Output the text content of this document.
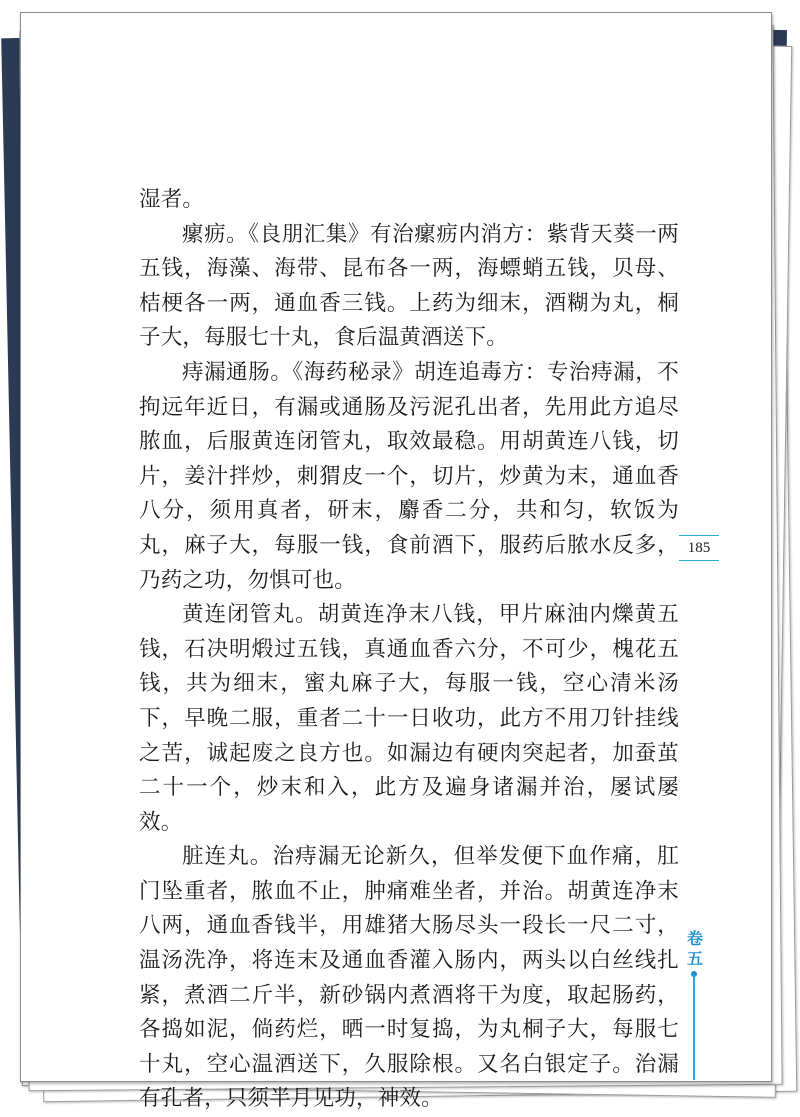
湿者。

瘰疬。《良朋汇集》有治瘰疬内消方：紫背天葵一两五钱，海藻、海带、昆布各一两，海螵蛸五钱，贝母、桔梗各一两，通血香三钱。上药为细末，酒糊为丸，桐子大，每服七十丸，食后温黄酒送下。

痔漏通肠。《海药秘录》胡连追毒方：专治痔漏，不拘远年近日，有漏或通肠及污泥孔出者，先用此方追尽脓血，后服黄连闭管丸，取效最稳。用胡黄连八钱，切片，姜汁拌炒，刺猬皮一个，切片，炒黄为末，通血香八分，须用真者，研末，麝香二分，共和匀，软饭为丸，麻子大，每服一钱，食前酒下，服药后脓水反多，乃药之功，勿惧可也。

黄连闭管丸。胡黄连净末八钱，甲片麻油内爍黄五钱，石决明煅过五钱，真通血香六分，不可少，槐花五钱，共为细末，蜜丸麻子大，每服一钱，空心清米汤下，早晚二服，重者二十一日收功，此方不用刀针挂线之苦，诚起废之良方也。如漏边有硬肉突起者，加蚕茧二十一个，炒末和入，此方及遍身诸漏并治，屡试屡效。

脏连丸。治痔漏无论新久，但举发便下血作痛，肛门坠重者，脓血不止，肿痛难坐者，并治。胡黄连净末八两，通血香钱半，用雄猪大肠尽头一段长一尺二寸，温汤洗净，将连末及通血香灌入肠内，两头以白丝线扎紧，煮酒二斤半，新砂锅内煮酒将干为度，取起肠药，各捣如泥，倘药烂，晒一时复捣，为丸桐子大，每服七十丸，空心温酒送下，久服除根。又名白银定子。治漏有孔者，只须半月见功，神效。

185
卷五
